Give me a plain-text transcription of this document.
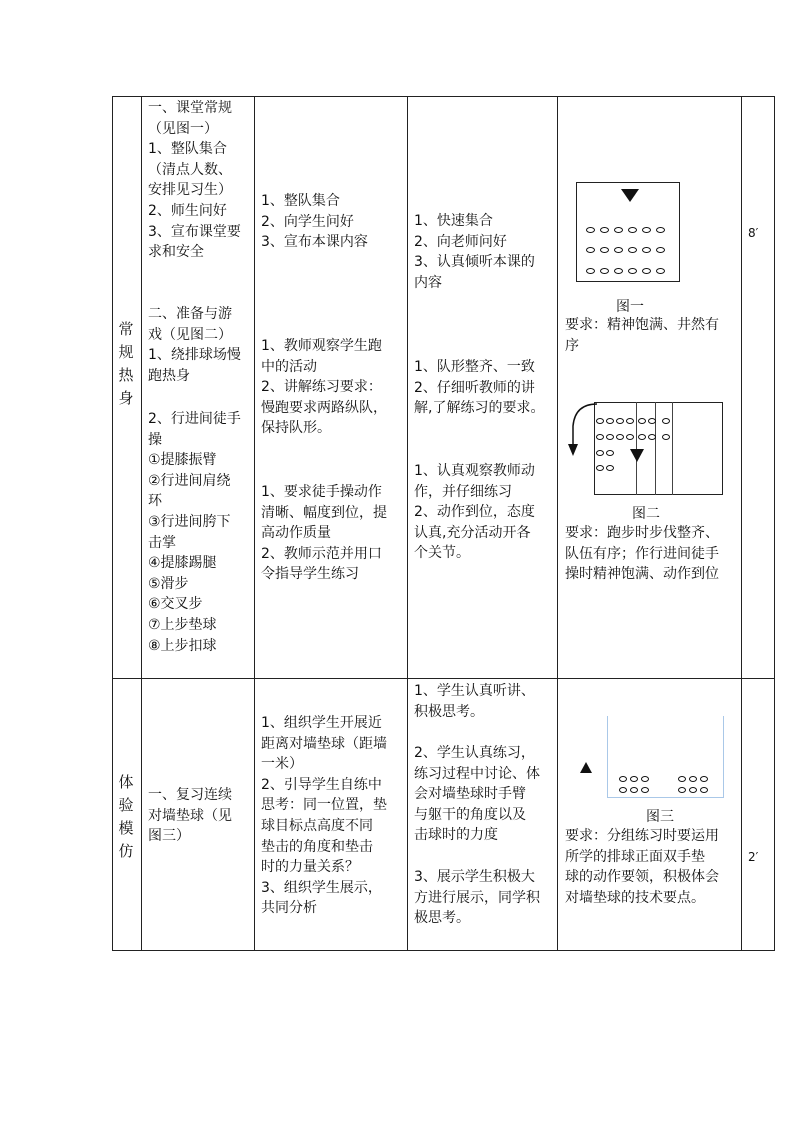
常
规
热
身
一、课堂常规
（见图一）
1、整队集合
（清点人数、
安排见习生）
2、师生问好
3、宣布课堂要
求和安全
二、准备与游
戏（见图二）
1、绕排球场慢
跑热身
2、行进间徒手
操
①提膝振臂
②行进间肩绕
环
③行进间胯下
击掌
④提膝踢腿
⑤滑步
⑥交叉步
⑦上步垫球
⑧上步扣球
1、整队集合
2、向学生问好
3、宣布本课内容
1、教师观察学生跑
中的活动
2、讲解练习要求：
慢跑要求两路纵队，
保持队形。
1、要求徒手操动作
清晰、幅度到位，提
高动作质量
2、教师示范并用口
令指导学生练习
1、快速集合
2、向老师问好
3、认真倾听本课的
内容
1、队形整齐、一致
2、仔细听教师的讲
解,了解练习的要求。
1、认真观察教师动
作，并仔细练习
2、动作到位，态度
认真,充分活动开各
个关节。
图一
要求：精神饱满、井然有
序
图二
要求：跑步时步伐整齐、
队伍有序；作行进间徒手
操时精神饱满、动作到位
8′
体
验
模
仿
一、复习连续
对墙垫球（见
图三）
1、组织学生开展近
距离对墙垫球（距墙
一米）
2、引导学生自练中
思考：同一位置，垫
球目标点高度不同
垫击的角度和垫击
时的力量关系？
3、组织学生展示，
共同分析
1、学生认真听讲、
积极思考。
2、学生认真练习，
练习过程中讨论、体
会对墙垫球时手臂
与躯干的角度以及
击球时的力度
3、展示学生积极大
方进行展示，同学积
极思考。
图三
要求：分组练习时要运用
所学的排球正面双手垫
球的动作要领，积极体会
对墙垫球的技术要点。
2′
